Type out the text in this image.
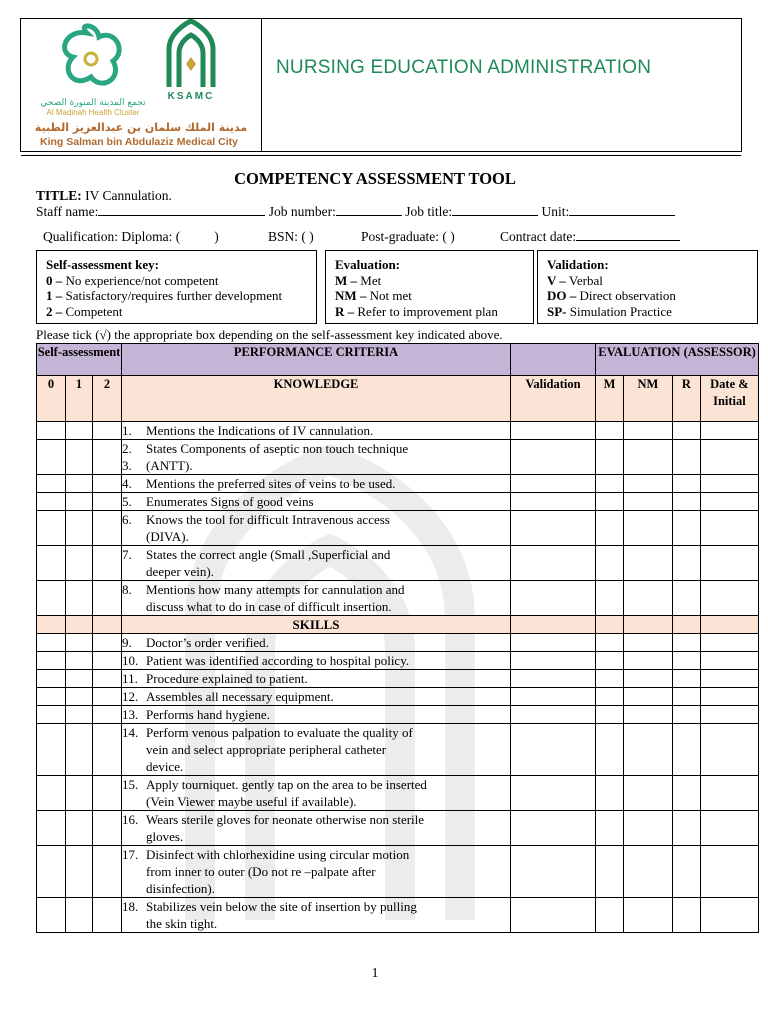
تجمع المدينة المنورة الصحي
Al Madinah Health Cluster
KSAMC
مدينة الملك سلمان بن عبدالعزيز الطبية
King Salman bin Abdulaziz Medical City
NURSING EDUCATION ADMINISTRATION
COMPETENCY ASSESSMENT TOOL
TITLE: IV Cannulation.
Staff name:	Job number:	Job title:	Unit:
Qualification: Diploma: (	)	BSN: ( )	Post-graduate: ( )	Contract date:
Self-assessment key:
0 – No experience/not competent
1 – Satisfactory/requires further development
2 – Competent
Evaluation:
M – Met
NM – Not met
R – Refer to improvement plan
Validation:
V – Verbal
DO – Direct observation
SP- Simulation Practice
Please tick (√) the appropriate box depending on the self-assessment key indicated above.
Self-assessment			PERFORMANCE CRITERIA		EVALUATION (ASSESSOR)			
0	1	2	KNOWLEDGE	Validation	M	NM	R	Date & Initial

			1. Mentions the Indications of IV cannulation.					

			2. States Components of aseptic non touch technique
3. (ANTT).					

			4. Mentions the preferred sites of veins to be used.					

			5. Enumerates Signs of good veins					

			6. Knows the tool for difficult Intravenous access
(DIVA).					

			7. States the correct angle (Small ,Superficial and
deeper vein).					

			8. Mentions how many attempts for cannulation and
discuss what to do in case of difficult insertion.					

			SKILLS					

			9. Doctor’s order verified.					

			10. Patient was identified according to hospital policy.					

			11. Procedure explained to patient.					

			12. Assembles all necessary equipment.					

			13. Performs hand hygiene.					

			14. Perform venous palpation to evaluate the quality of
vein and select appropriate peripheral catheter
device.					

			15. Apply tourniquet. gently tap on the area to be inserted
(Vein Viewer maybe useful if available).					

			16. Wears sterile gloves for neonate otherwise non sterile
gloves.					

			17. Disinfect with chlorhexidine using circular motion
from inner to outer (Do not re –palpate after
disinfection).					

			18. Stabilizes vein below the site of insertion by pulling
the skin tight.					

1
